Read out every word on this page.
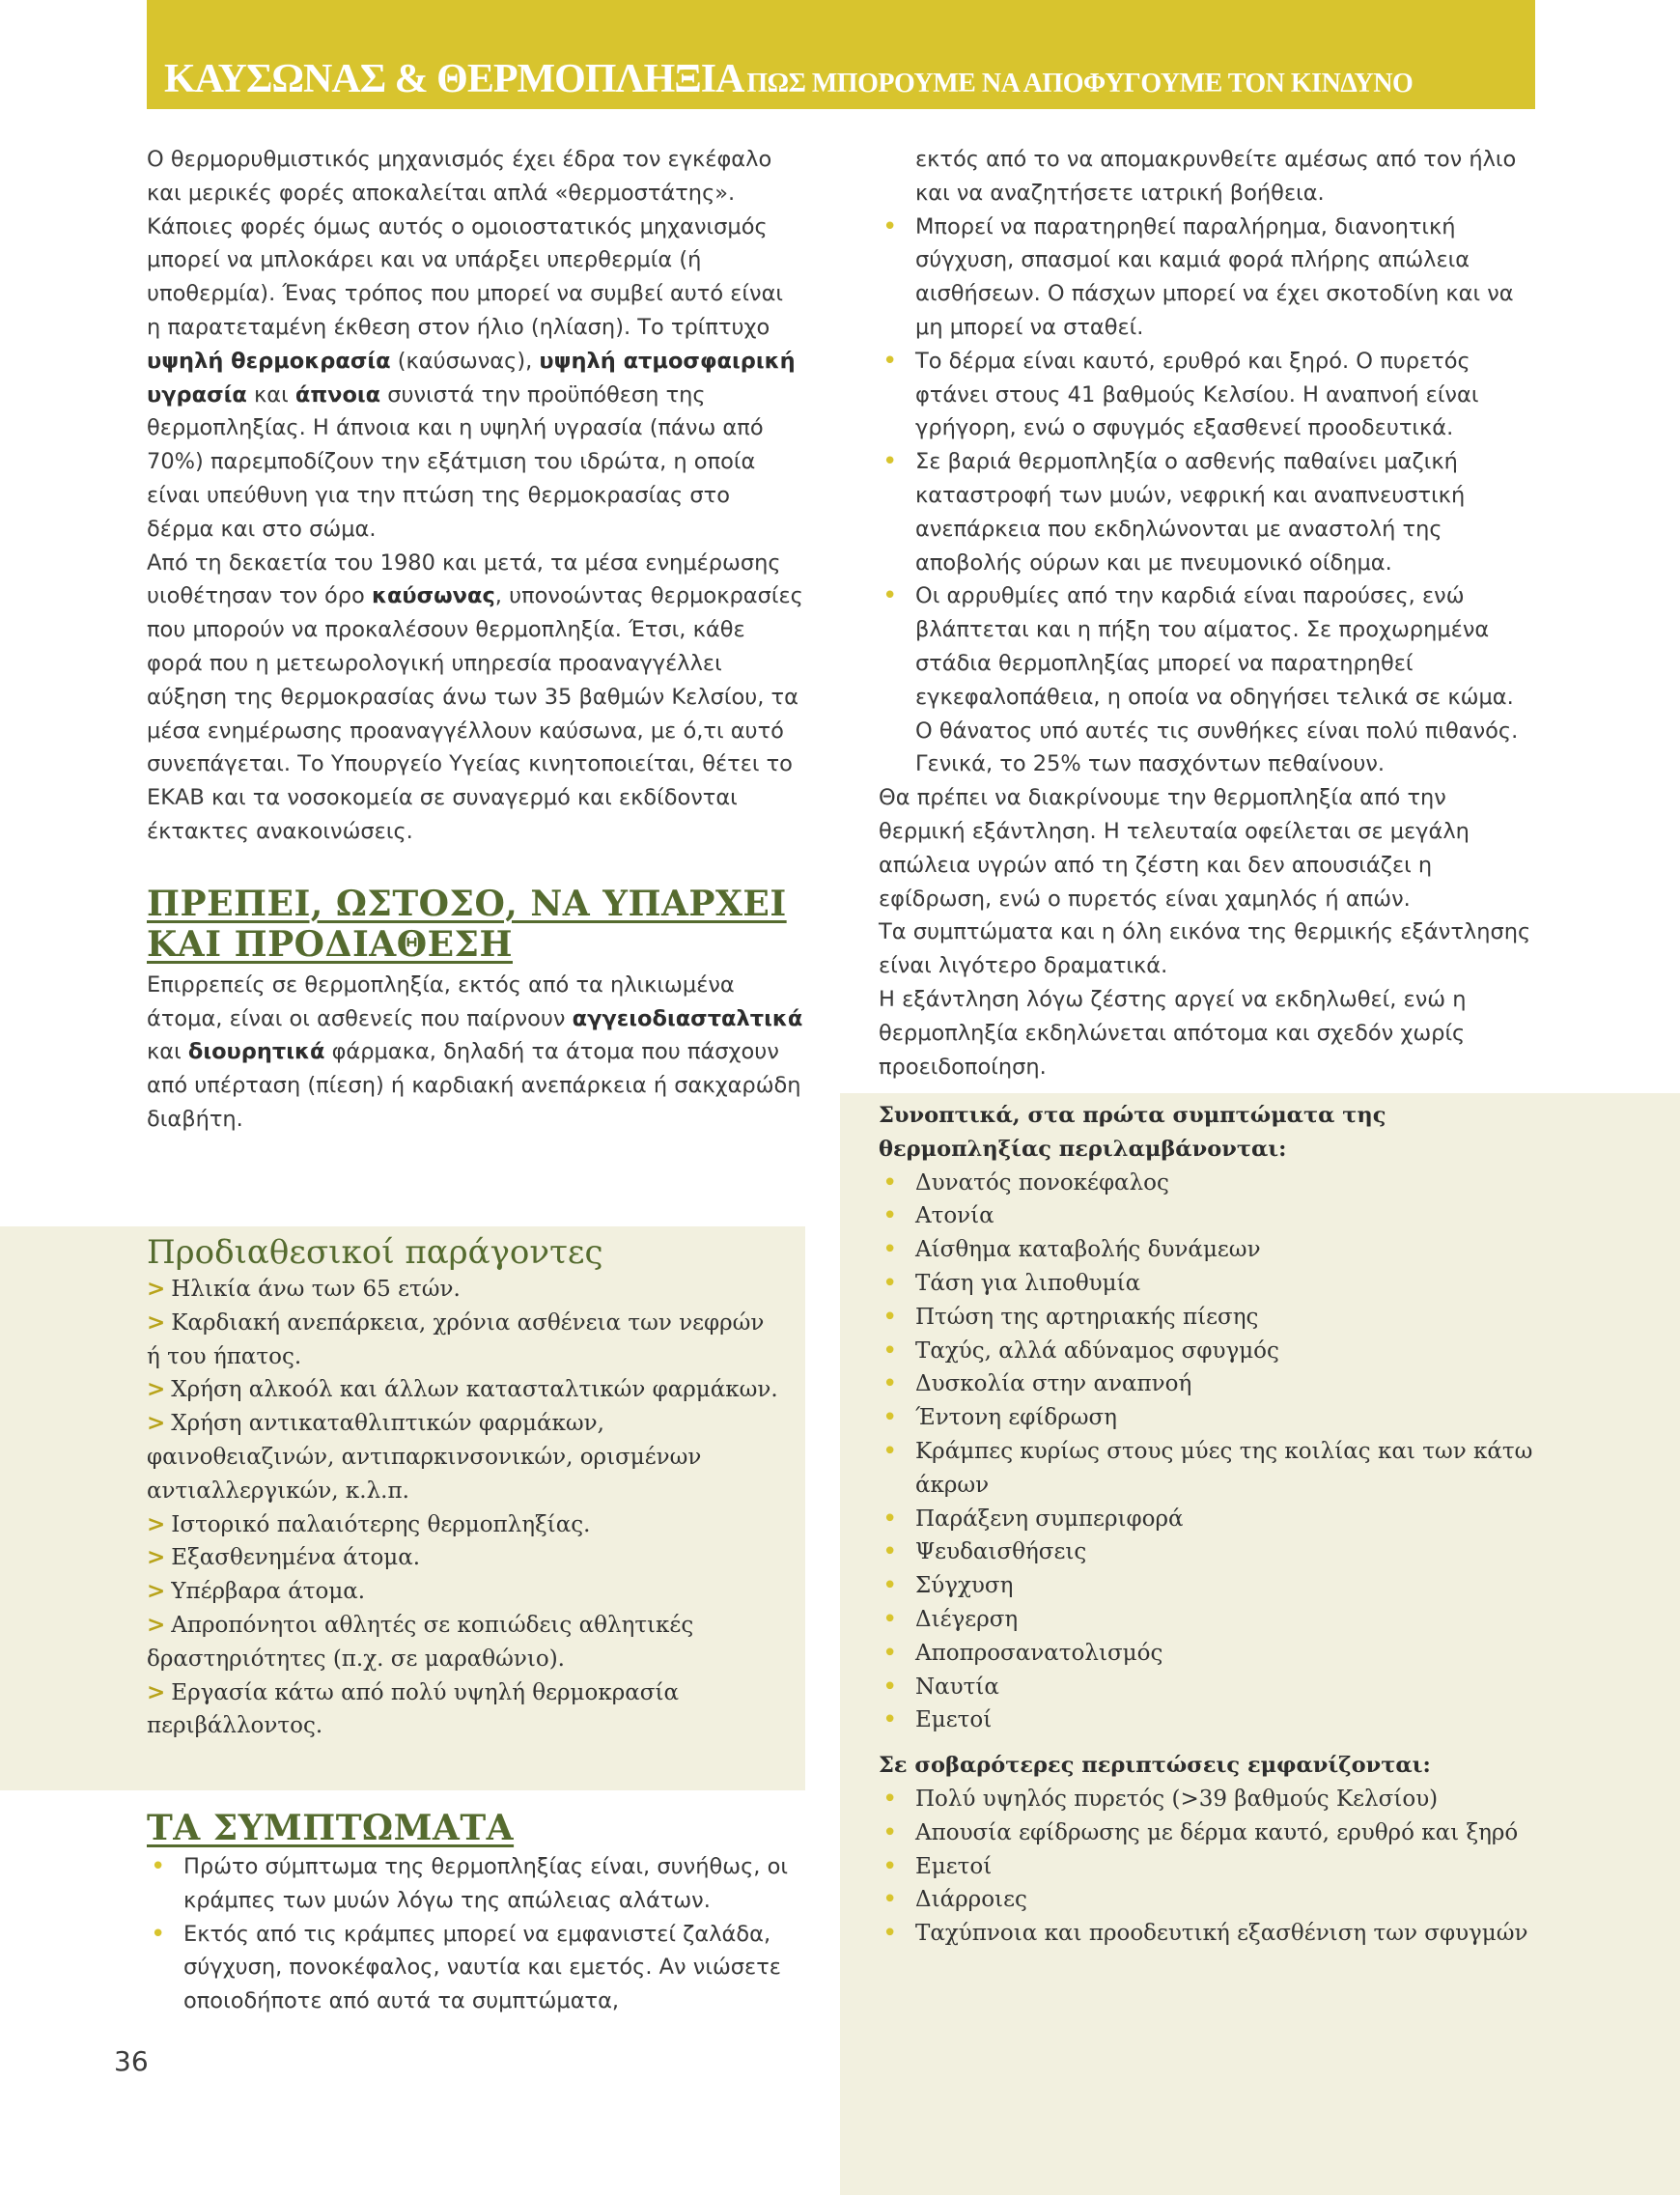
ΚΑΥΣΩΝΑΣ & ΘΕΡΜΟΠΛΗΞΙΑ ΠΩΣ ΜΠΟΡΟΥΜΕ ΝΑ ΑΠΟΦΥΓΟΥΜΕ ΤΟΝ ΚΙΝΔΥΝΟ

Ο θερμορυθμιστικός μηχανισμός έχει έδρα τον εγκέφαλο και μερικές φορές αποκαλείται απλά «θερμοστάτης». Κάποιες φορές όμως αυτός ο ομοιοστατικός μηχανισμός μπορεί να μπλοκάρει και να υπάρξει υπερθερμία (ή υποθερμία). Ένας τρόπος που μπορεί να συμβεί αυτό είναι η παρατεταμένη έκθεση στον ήλιο (ηλίαση). Το τρίπτυχο υψηλή θερμοκρασία (καύσωνας), υψηλή ατμοσφαιρική υγρασία και άπνοια συνιστά την προϋπόθεση της θερμοπληξίας. Η άπνοια και η υψηλή υγρασία (πάνω από 70%) παρεμποδίζουν την εξάτμιση του ιδρώτα, η οποία είναι υπεύθυνη για την πτώση της θερμοκρασίας στο δέρμα και στο σώμα.

Από τη δεκαετία του 1980 και μετά, τα μέσα ενημέρωσης υιοθέτησαν τον όρο καύσωνας, υπονοώντας θερμοκρασίες που μπορούν να προκαλέσουν θερμοπληξία. Έτσι, κάθε φορά που η μετεωρολογική υπηρεσία προαναγγέλλει αύξηση της θερμοκρασίας άνω των 35 βαθμών Κελσίου, τα μέσα ενημέρωσης προαναγγέλλουν καύσωνα, με ό,τι αυτό συνεπάγεται. Το Υπουργείο Υγείας κινητοποιείται, θέτει το ΕΚΑΒ και τα νοσοκομεία σε συναγερμό και εκδίδονται έκτακτες ανακοινώσεις.

ΠΡΕΠΕΙ, ΩΣΤΟΣΟ, ΝΑ ΥΠΑΡΧΕΙ
ΚΑΙ ΠΡΟΔΙΑΘΕΣΗ

Επιρρεπείς σε θερμοπληξία, εκτός από τα ηλικιωμένα άτομα, είναι οι ασθενείς που παίρνουν αγγειοδιασταλτικά και διουρητικά φάρμακα, δηλαδή τα άτομα που πάσχουν από υπέρταση (πίεση) ή καρδιακή ανεπάρκεια ή σακχαρώδη διαβήτη.

Προδιαθεσικοί παράγοντες
> Ηλικία άνω των 65 ετών.
> Καρδιακή ανεπάρκεια, χρόνια ασθένεια των νεφρών ή του ήπατος.
> Χρήση αλκοόλ και άλλων κατασταλτικών φαρμάκων.
> Χρήση αντικαταθλιπτικών φαρμάκων, φαινοθειαζινών, αντιπαρκινσονικών, ορισμένων αντιαλλεργικών, κ.λ.π.
> Ιστορικό παλαιότερης θερμοπληξίας.
> Εξασθενημένα άτομα.
> Υπέρβαρα άτομα.
> Απροπόνητοι αθλητές σε κοπιώδεις αθλητικές δραστηριότητες (π.χ. σε μαραθώνιο).
> Εργασία κάτω από πολύ υψηλή θερμοκρασία περιβάλλοντος.
ΤΑ ΣΥΜΠΤΩΜΑΤΑ
• Πρώτο σύμπτωμα της θερμοπληξίας είναι, συνήθως, οι κράμπες των μυών λόγω της απώλειας αλάτων.
• Εκτός από τις κράμπες μπορεί να εμφανιστεί ζαλάδα, σύγχυση, πονοκέφαλος, ναυτία και εμετός. Αν νιώσετε οποιοδήποτε από αυτά τα συμπτώματα,

εκτός από το να απομακρυνθείτε αμέσως από τον ήλιο και να αναζητήσετε ιατρική βοήθεια.

• Μπορεί να παρατηρηθεί παραλήρημα, διανοητική σύγχυση, σπασμοί και καμιά φορά πλήρης απώλεια αισθήσεων. Ο πάσχων μπορεί να έχει σκοτοδίνη και να μη μπορεί να σταθεί.
• Το δέρμα είναι καυτό, ερυθρό και ξηρό. Ο πυρετός φτάνει στους 41 βαθμούς Κελσίου. Η αναπνοή είναι γρήγορη, ενώ ο σφυγμός εξασθενεί προοδευτικά.
• Σε βαριά θερμοπληξία ο ασθενής παθαίνει μαζική καταστροφή των μυών, νεφρική και αναπνευστική ανεπάρκεια που εκδηλώνονται με αναστολή της αποβολής ούρων και με πνευμονικό οίδημα.
• Οι αρρυθμίες από την καρδιά είναι παρούσες, ενώ βλάπτεται και η πήξη του αίματος. Σε προχωρημένα στάδια θερμοπληξίας μπορεί να παρατηρηθεί εγκεφαλοπάθεια, η οποία να οδηγήσει τελικά σε κώμα. Ο θάνατος υπό αυτές τις συνθήκες είναι πολύ πιθανός. Γενικά, το 25% των πασχόντων πεθαίνουν.

Θα πρέπει να διακρίνουμε την θερμοπληξία από την θερμική εξάντληση. Η τελευταία οφείλεται σε μεγάλη απώλεια υγρών από τη ζέστη και δεν απουσιάζει η εφίδρωση, ενώ ο πυρετός είναι χαμηλός ή απών.

Τα συμπτώματα και η όλη εικόνα της θερμικής εξάντλησης είναι λιγότερο δραματικά.

Η εξάντληση λόγω ζέστης αργεί να εκδηλωθεί, ενώ η θερμοπληξία εκδηλώνεται απότομα και σχεδόν χωρίς προειδοποίηση.

Συνοπτικά, στα πρώτα συμπτώματα της θερμοπληξίας περιλαμβάνονται:
• Δυνατός πονοκέφαλος
• Ατονία
• Αίσθημα καταβολής δυνάμεων
• Τάση για λιποθυμία
• Πτώση της αρτηριακής πίεσης
• Ταχύς, αλλά αδύναμος σφυγμός
• Δυσκολία στην αναπνοή
• Έντονη εφίδρωση
• Κράμπες κυρίως στους μύες της κοιλίας και των κάτω άκρων
• Παράξενη συμπεριφορά
• Ψευδαισθήσεις
• Σύγχυση
• Διέγερση
• Αποπροσανατολισμός
• Ναυτία
• Εμετοί
Σε σοβαρότερες περιπτώσεις εμφανίζονται:
• Πολύ υψηλός πυρετός (>39 βαθμούς Κελσίου)
• Απουσία εφίδρωσης με δέρμα καυτό, ερυθρό και ξηρό
• Εμετοί
• Διάρροιες
• Ταχύπνοια και προοδευτική εξασθένιση των σφυγμών
36
